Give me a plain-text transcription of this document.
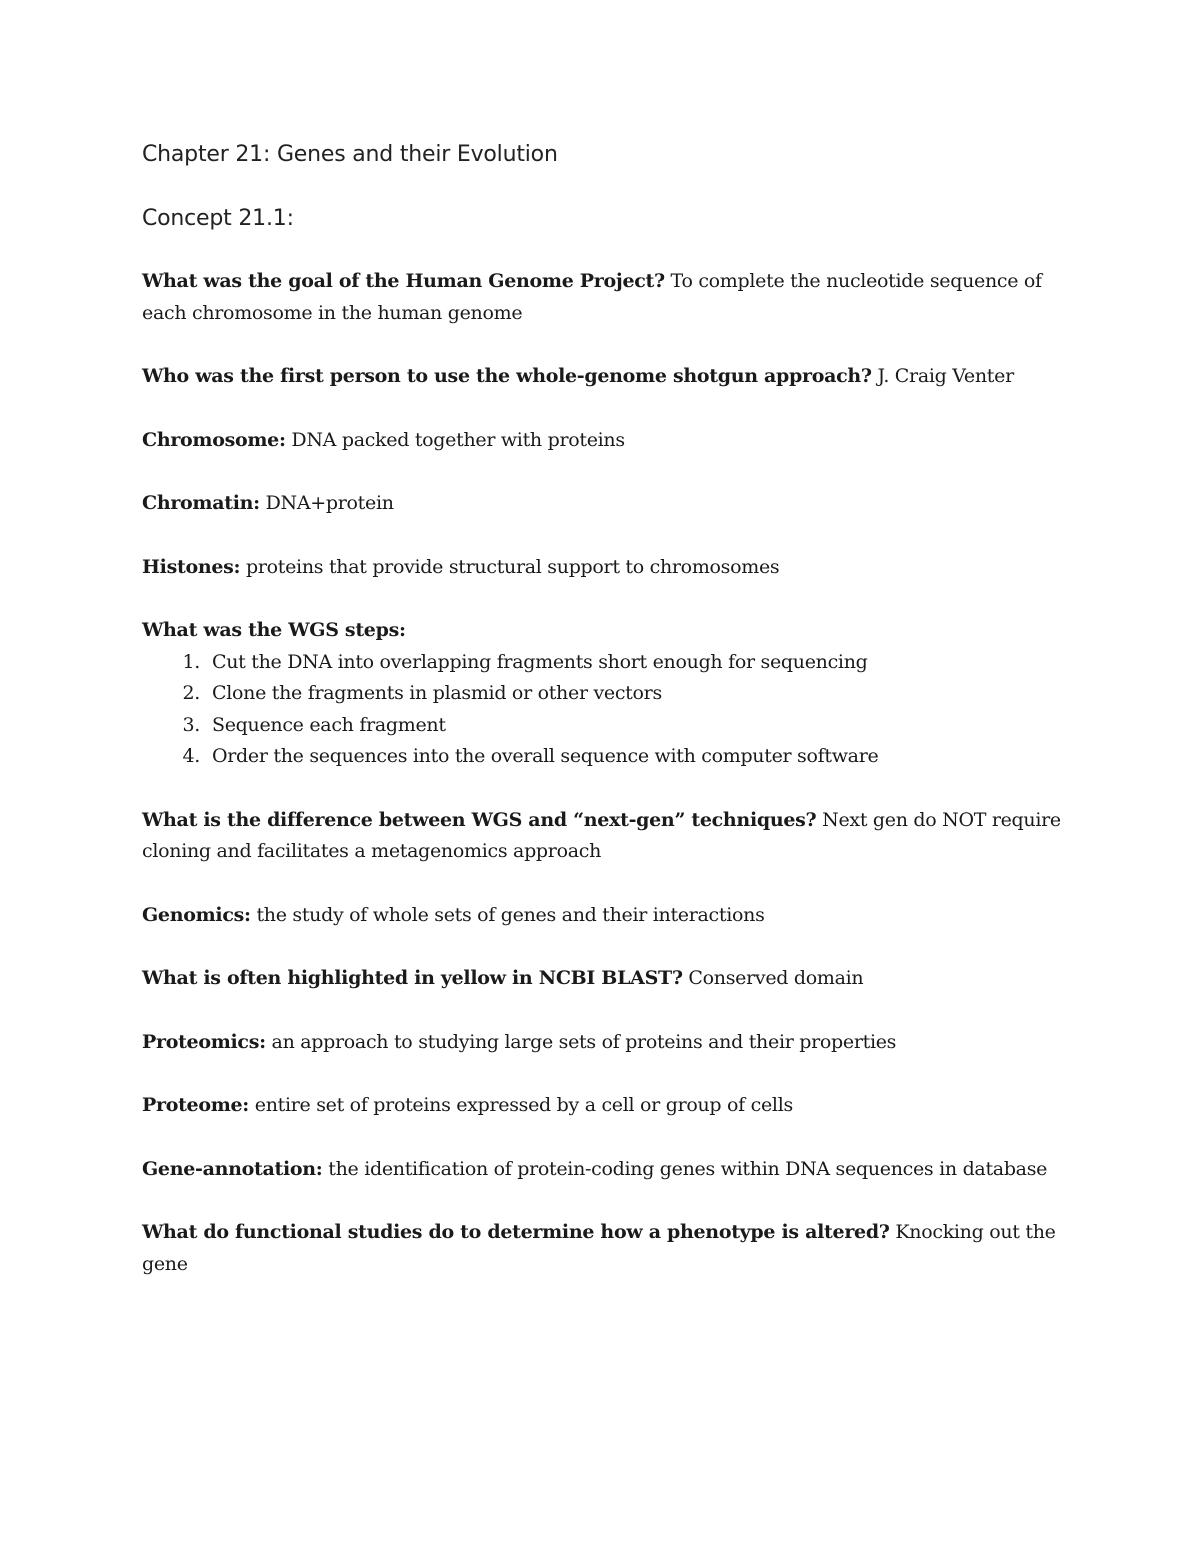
Chapter 21: Genes and their Evolution

Concept 21.1:

What was the goal of the Human Genome Project? To complete the nucleotide sequence of each chromosome in the human genome

Who was the first person to use the whole-genome shotgun approach? J. Craig Venter

Chromosome: DNA packed together with proteins

Chromatin: DNA+protein

Histones: proteins that provide structural support to chromosomes

What was the WGS steps:

1. Cut the DNA into overlapping fragments short enough for sequencing
2. Clone the fragments in plasmid or other vectors
3. Sequence each fragment
4. Order the sequences into the overall sequence with computer software

What is the difference between WGS and “next-gen” techniques? Next gen do NOT require cloning and facilitates a metagenomics approach

Genomics: the study of whole sets of genes and their interactions

What is often highlighted in yellow in NCBI BLAST? Conserved domain

Proteomics: an approach to studying large sets of proteins and their properties

Proteome: entire set of proteins expressed by a cell or group of cells

Gene-annotation: the identification of protein-coding genes within DNA sequences in database

What do functional studies do to determine how a phenotype is altered? Knocking out the gene
